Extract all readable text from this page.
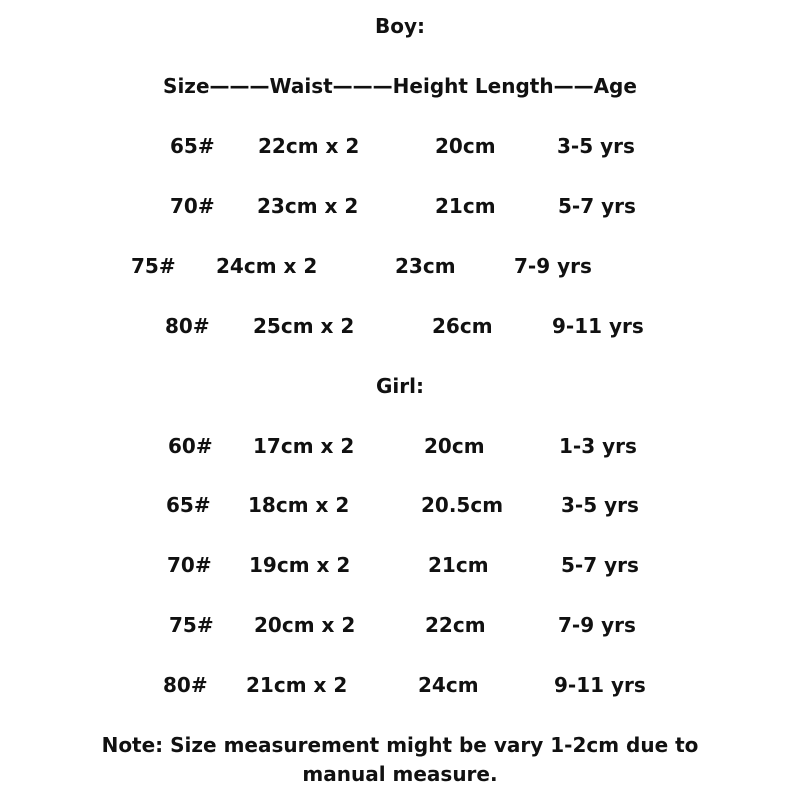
Boy:
Size———Waist———Height Length——Age
65# 22cm x 2	20cm	3-5 yrs
70# 23cm x 2	21cm	5-7 yrs
75# 24cm x 2	23cm	7-9 yrs
80# 25cm x 2	26cm	9-11 yrs
Girl:
60# 17cm x 2	20cm	1-3 yrs
65# 18cm x 2	20.5cm	3-5 yrs
70# 19cm x 2	21cm	5-7 yrs
75# 20cm x 2	22cm	7-9 yrs
80# 21cm x 2	24cm	9-11 yrs
Note: Size measurement might be vary 1-2cm due to manual measure.
